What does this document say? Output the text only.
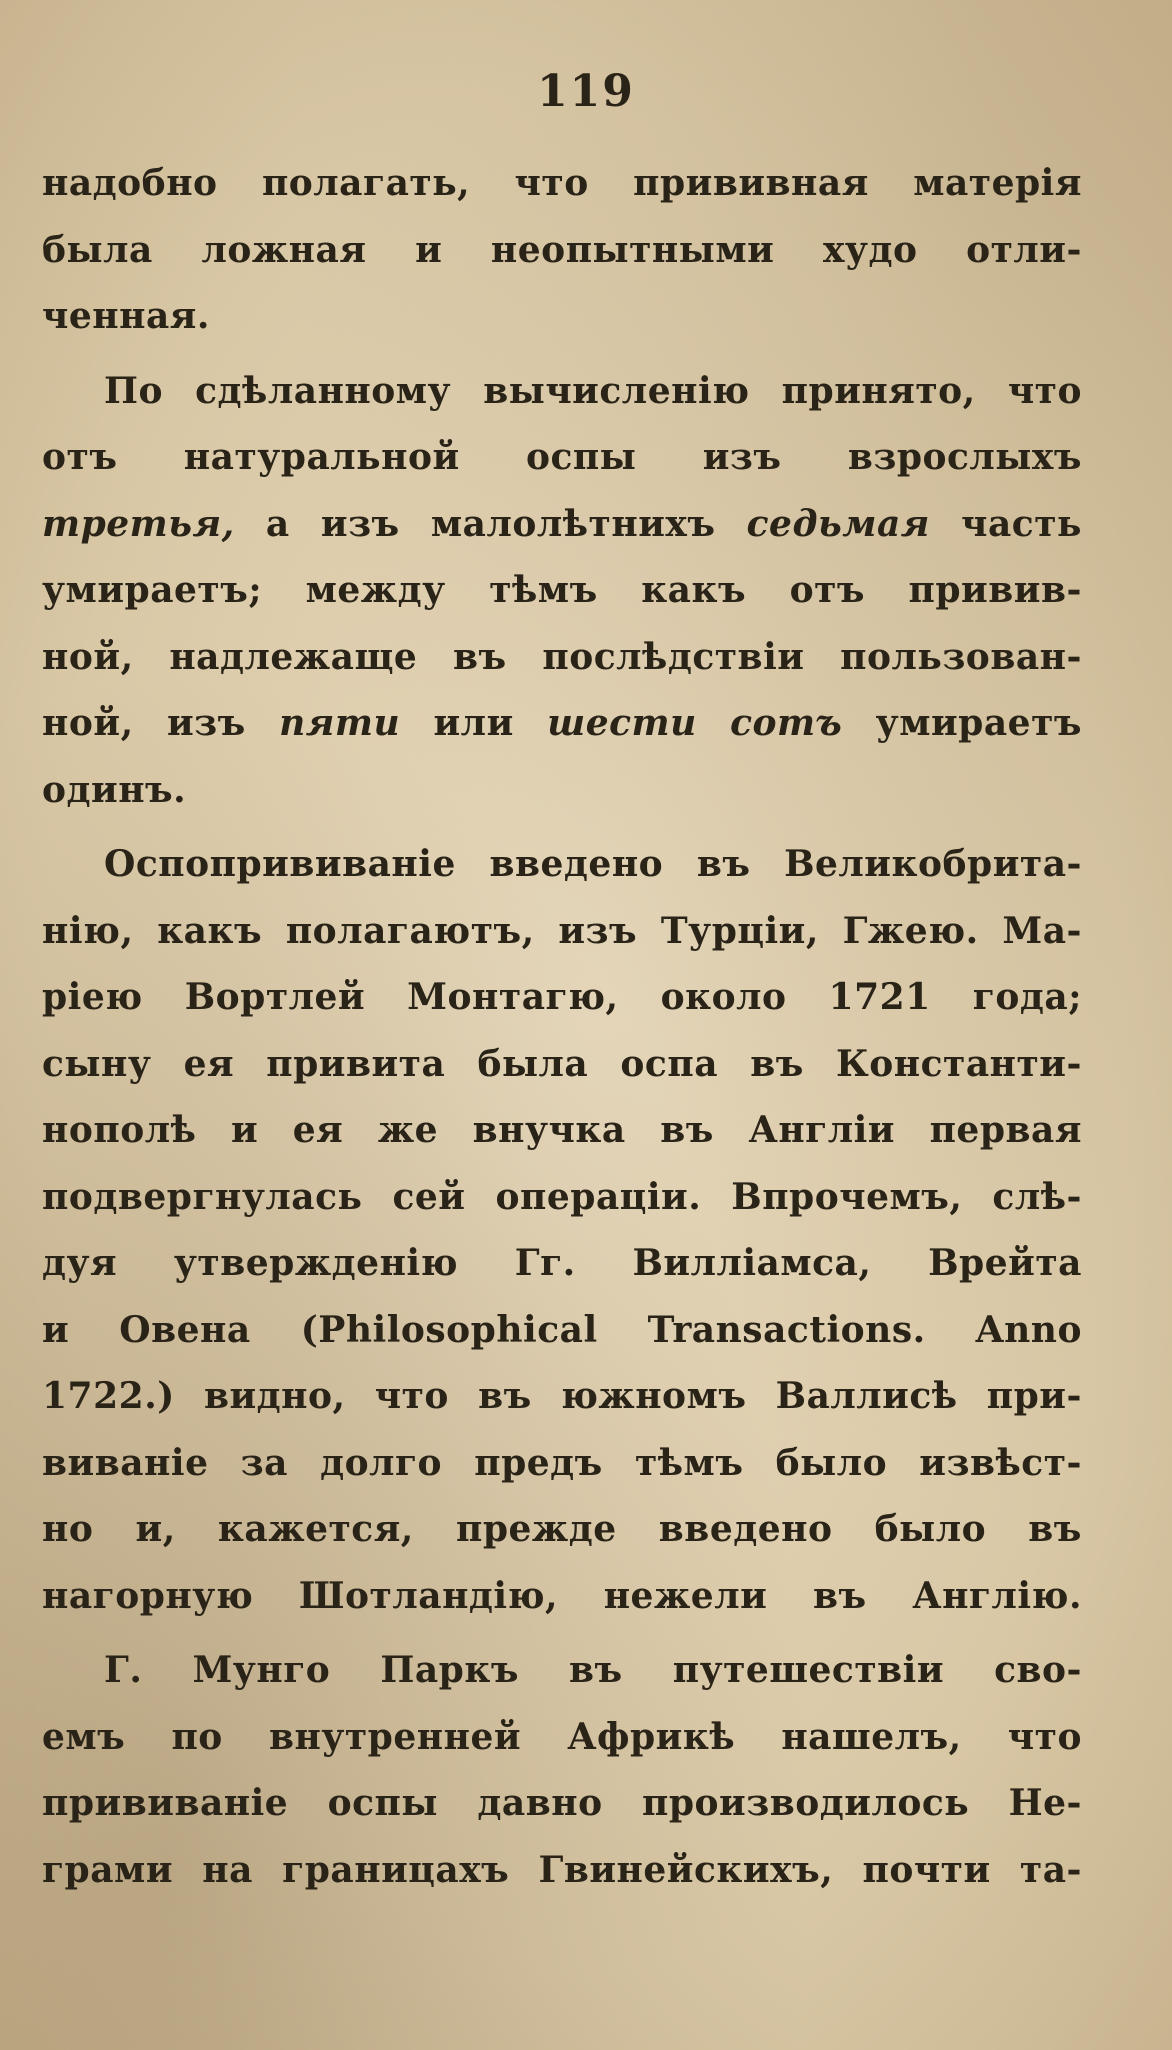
119
надобно полагать, что прививная матерія
была ложная и неопытными худо отли-
ченная.
По сдѣланному вычисленію принято, что
отъ натуральной оспы изъ взрослыхъ
третья, а изъ малолѣтнихъ седьмая часть
умираетъ; между тѣмъ какъ отъ привив-
ной, надлежаще въ послѣдствіи пользован-
ной, изъ пяти или шести сотъ умираетъ
одинъ.
Оспопрививаніе введено въ Великобрита-
нію, какъ полагаютъ, изъ Турціи, Гжею. Ма-
ріею Вортлей Монтагю, около 1721 года;
сыну ея привита была оспа въ Константи-
нополѣ и ея же внучка въ Англіи первая
подвергнулась сей операціи. Впрочемъ, слѣ-
дуя утвержденію Гг. Вилліамса, Врейта
и Овена (Philosophical Transactions. Anno
1722.) видно, что въ южномъ Валлисѣ при-
виваніе за долго предъ тѣмъ было извѣст-
но и, кажется, прежде введено было въ
нагорную Шотландію, нежели въ Англію.
Г. Мунго Паркъ въ путешествіи сво-
емъ по внутренней Африкѣ нашелъ, что
прививаніе оспы давно производилось Не-
грами на границахъ Гвинейскихъ, почти та-
